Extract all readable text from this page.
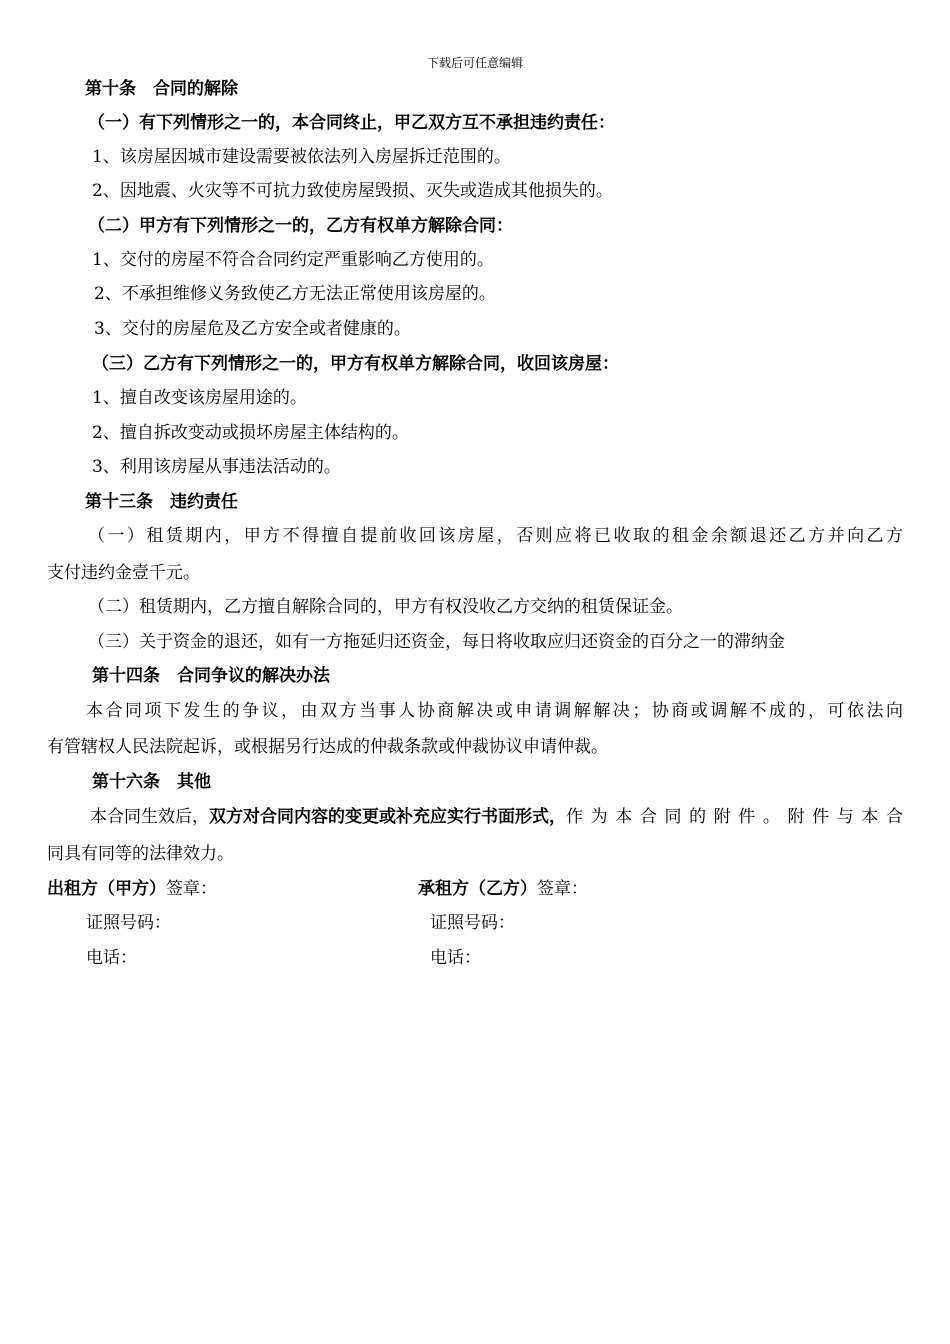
下载后可任意编辑
第十条　合同的解除
（一）有下列情形之一的，本合同终止，甲乙双方互不承担违约责任：
1、该房屋因城市建设需要被依法列入房屋拆迁范围的。
2、因地震、火灾等不可抗力致使房屋毁损、灭失或造成其他损失的。
（二）甲方有下列情形之一的，乙方有权单方解除合同：
1、交付的房屋不符合合同约定严重影响乙方使用的。
2、不承担维修义务致使乙方无法正常使用该房屋的。
3、交付的房屋危及乙方安全或者健康的。
（三）乙方有下列情形之一的，甲方有权单方解除合同，收回该房屋：
1、擅自改变该房屋用途的。
2、擅自拆改变动或损坏房屋主体结构的。
3、利用该房屋从事违法活动的。
第十三条　违约责任
（一）租赁期内，甲方不得擅自提前收回该房屋，否则应将已收取的租金余额退还乙方并向乙方
支付违约金壹千元。
（二）租赁期内，乙方擅自解除合同的，甲方有权没收乙方交纳的租赁保证金。
（三）关于资金的退还，如有一方拖延归还资金，每日将收取应归还资金的百分之一的滞纳金
第十四条　合同争议的解决办法
本合同项下发生的争议，由双方当事人协商解决或申请调解解决；协商或调解不成的，可依法向
有管辖权人民法院起诉，或根据另行达成的仲裁条款或仲裁协议申请仲裁。
第十六条　其他
本合同生效后， 双方对合同内容的变更或补充应实行书面形式， 作为本合同的附件。附件与本合
同具有同等的法律效力。
出租方（甲方）签章：	承租方（乙方）签章：
证照号码：	证照号码：
电话：	电话：
